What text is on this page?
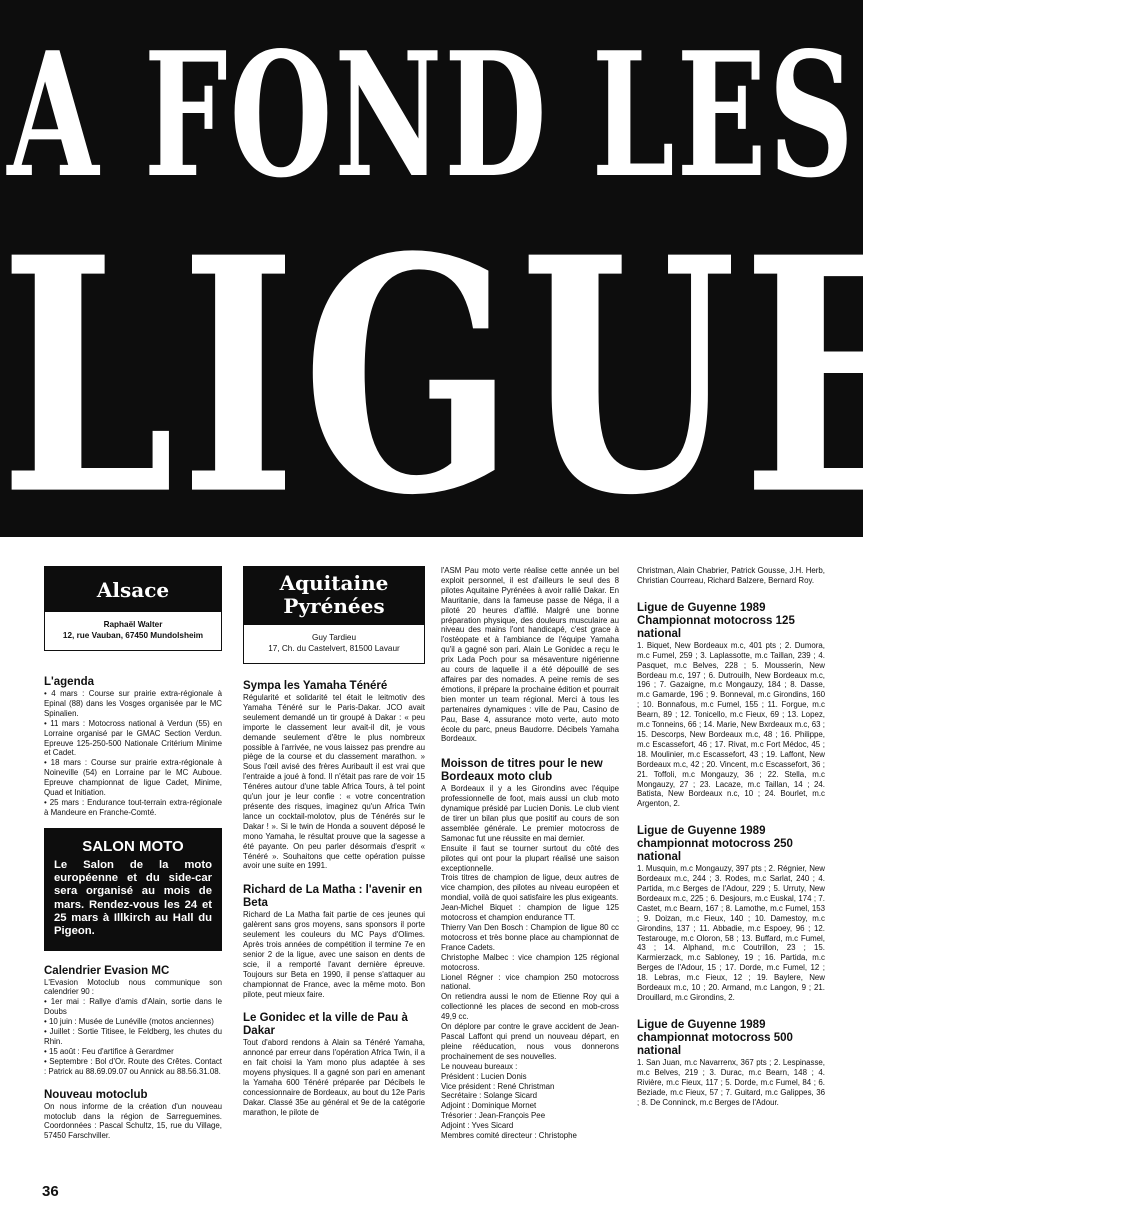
A FOND LES
LIGUES
Alsace
Raphaël Walter
12, rue Vauban, 67450 Mundolsheim
L'agenda

• 4 mars : Course sur prairie extra-régionale à Epinal (88) dans les Vosges organisée par le MC Spinalien.
• 11 mars : Motocross national à Verdun (55) en Lorraine organisé par le GMAC Section Verdun. Epreuve 125-250-500 Nationale Critérium Minime et Cadet.
• 18 mars : Course sur prairie extra-régionale à Noineville (54) en Lorraine par le MC Auboue. Epreuve championnat de ligue Cadet, Minime, Quad et Initiation.
• 25 mars : Endurance tout-terrain extra-régionale à Mandeure en Franche-Comté.

SALON MOTO
Le Salon de la moto européenne et du side-car sera organisé au mois de mars. Rendez-vous les 24 et 25 mars à Illkirch au Hall du Pigeon.
Calendrier Evasion MC

L'Evasion Motoclub nous communique son calendrier 90 :
• 1er mai : Rallye d'amis d'Alain, sortie dans le Doubs
• 10 juin : Musée de Lunéville (motos anciennes)
• Juillet : Sortie Titisee, le Feldberg, les chutes du Rhin.
• 15 août : Feu d'artifice à Gerardmer
• Septembre : Bol d'Or. Route des Crêtes. Contact : Patrick au 88.69.09.07 ou Annick au 88.56.31.08.

Nouveau motoclub

On nous informe de la création d'un nouveau motoclub dans la région de Sarreguemines. Coordonnées : Pascal Schultz, 15, rue du Village, 57450 Farschviller.

Aquitaine
Pyrénées
Guy Tardieu
17, Ch. du Castelvert, 81500 Lavaur
Sympa les Yamaha Ténéré

Régularité et solidarité tel était le leitmotiv des Yamaha Ténéré sur le Paris-Dakar. JCO avait seulement demandé un tir groupé à Dakar : « peu importe le classement leur avait-il dit, je vous demande seulement d'être le plus nombreux possible à l'arrivée, ne vous laissez pas prendre au piège de la course et du classement marathon. » Sous l'œil avisé des frères Auribault il est vrai que l'entraide a joué à fond. Il n'était pas rare de voir 15 Ténéres autour d'une table Africa Tours, à tel point qu'un jour je leur confie : « votre concentration présente des risques, imaginez qu'un Africa Twin lance un cocktail-molotov, plus de Ténérés sur le Dakar ! ». Si le twin de Honda a souvent déposé le mono Yamaha, le résultat prouve que la sagesse a été payante. On peu parler désormais d'esprit « Ténéré ». Souhaitons que cette opération puisse avoir une suite en 1991.

Richard de La Matha : l'avenir en Beta

Richard de La Matha fait partie de ces jeunes qui galèrent sans gros moyens, sans sponsors il porte seulement les couleurs du MC Pays d'Olimes. Après trois années de compétition il termine 7e en senior 2 de la ligue, avec une saison en dents de scie, il a remporté l'avant dernière épreuve. Toujours sur Beta en 1990, il pense s'attaquer au championnat de France, avec la même moto. Bon pilote, peut mieux faire.

Le Gonidec et la ville de Pau à Dakar

Tout d'abord rendons à Alain sa Ténéré Yamaha, annoncé par erreur dans l'opération Africa Twin, il a en fait choisi la Yam mono plus adaptée à ses moyens physiques. Il a gagné son pari en amenant la Yamaha 600 Ténéré préparée par Décibels le concessionnaire de Bordeaux, au bout du 12e Paris Dakar. Classé 35e au général et 9e de la catégorie marathon, le pilote de

l'ASM Pau moto verte réalise cette année un bel exploit personnel, il est d'ailleurs le seul des 8 pilotes Aquitaine Pyrénées à avoir rallié Dakar. En Mauritanie, dans la fameuse passe de Néga, il a piloté 20 heures d'affilé. Malgré une bonne préparation physique, des douleurs musculaire au niveau des mains l'ont handicapé, c'est grace à l'ostéopate et à l'ambiance de l'équipe Yamaha qu'il a gagné son pari. Alain Le Gonidec a reçu le prix Lada Poch pour sa mésaventure nigérienne au cours de laquelle il a été dépouillé de ses affaires par des nomades. A peine remis de ses émotions, il prépare la prochaine édition et pourrait bien monter un team régional. Merci à tous les partenaires dynamiques : ville de Pau, Casino de Pau, Base 4, assurance moto verte, auto moto école du parc, pneus Baudorre. Décibels Yamaha Bordeaux.

Moisson de titres pour le new Bordeaux moto club

A Bordeaux il y a les Girondins avec l'équipe professionnelle de foot, mais aussi un club moto dynamique présidé par Lucien Donis. Le club vient de tirer un bilan plus que positif au cours de son assemblée générale. Le premier motocross de Samonac fut une réussite en mai dernier.
Ensuite il faut se tourner surtout du côté des pilotes qui ont pour la plupart réalisé une saison exceptionnelle.
Trois titres de champion de ligue, deux autres de vice champion, des pilotes au niveau européen et mondial, voilà de quoi satisfaire les plus exigeants.
Jean-Michel Biquet : champion de ligue 125 motocross et champion endurance TT.
Thierry Van Den Bosch : Champion de ligue 80 cc motocross et très bonne place au championnat de France Cadets.
Christophe Malbec : vice champion 125 régional motocross.
Lionel Régner : vice champion 250 motocross national.
On retiendra aussi le nom de Etienne Roy qui a collectionné les places de second en mob-cross 49,9 cc.
On déplore par contre le grave accident de Jean-Pascal Laffont qui prend un nouveau départ, en pleine rééducation, nous vous donnerons prochainement de ses nouvelles.
Le nouveau bureaux :
Président : Lucien Donis
Vice président : René Christman
Secrétaire : Solange Sicard
Adjoint : Dominique Mornet
Trésorier : Jean-François Pee
Adjoint : Yves Sicard
Membres comité directeur : Christophe

Christman, Alain Chabrier, Patrick Gousse, J.H. Herb, Christian Courreau, Richard Balzere, Bernard Roy.

Ligue de Guyenne 1989 Championnat motocross 125 national

1. Biquet, New Bordeaux m.c, 401 pts ; 2. Dumora, m.c Fumel, 259 ; 3. Laplassotte, m.c Taillan, 239 ; 4. Pasquet, m.c Belves, 228 ; 5. Mousserin, New Bordeau m.c, 197 ; 6. Dutrouilh, New Bordeaux m.c, 196 ; 7. Gazaigne, m.c Mongauzy, 184 ; 8. Dasse, m.c Gamarde, 196 ; 9. Bonneval, m.c Girondins, 160 ; 10. Bonnafous, m.c Fumel, 155 ; 11. Forgue, m.c Bearn, 89 ; 12. Tonicello, m.c Fieux, 69 ; 13. Lopez, m.c Tonneins, 66 ; 14. Marie, New Bxrdeaux m.c, 63 ; 15. Descorps, New Bordeaux m.c, 48 ; 16. Philippe, m.c Escassefort, 46 ; 17. Rivat, m.c Fort Médoc, 45 ; 18. Moulinier, m.c Escassefort, 43 ; 19. Laffont, New Bordeaux m.c, 42 ; 20. Vincent, m.c Escassefort, 36 ; 21. Toffoli, m.c Mongauzy, 36 ; 22. Stella, m.c Mongauzy, 27 ; 23. Lacaze, m.c Taillan, 14 ; 24. Batista, New Bordeaux n.c, 10 ; 24. Bourlet, m.c Argenton, 2.

Ligue de Guyenne 1989 championnat motocross 250 national

1. Musquin, m.c Mongauzy, 397 pts ; 2. Régnier, New Bordeaux m.c, 244 ; 3. Rodes, m.c Sarlat, 240 ; 4. Partida, m.c Berges de l'Adour, 229 ; 5. Urruty, New Bordeaux m.c, 225 ; 6. Desjours, m.c Euskal, 174 ; 7. Castet, m.c Bearn, 167 ; 8. Lamothe, m.c Fumel, 153 ; 9. Doizan, m.c Fieux, 140 ; 10. Damestoy, m.c Girondins, 137 ; 11. Abbadie, m.c Espoey, 96 ; 12. Testarouge, m.c Oloron, 58 ; 13. Buffard, m.c Fumel, 43 ; 14. Alphand, m.c Coutrillon, 23 ; 15. Karmierzack, m.c Sabloney, 19 ; 16. Partida, m.c Berges de l'Adour, 15 ; 17. Dorde, m.c Fumel, 12 ; 18. Lebras, m.c Fieux, 12 ; 19. Baylere, New Bordeaux m.c, 10 ; 20. Armand, m.c Langon, 9 ; 21. Drouillard, m.c Girondins, 2.

Ligue de Guyenne 1989 championnat motocross 500 national

1. San Juan, m.c Navarrenx, 367 pts ; 2. Lespinasse, m.c Belves, 219 ; 3. Durac, m.c Bearn, 148 ; 4. Rivière, m.c Fieux, 117 ; 5. Dorde, m.c Fumel, 84 ; 6. Beziade, m.c Fieux, 57 ; 7. Guitard, m.c Galippes, 36 ; 8. De Conninck, m.c Berges de l'Adour.

36
